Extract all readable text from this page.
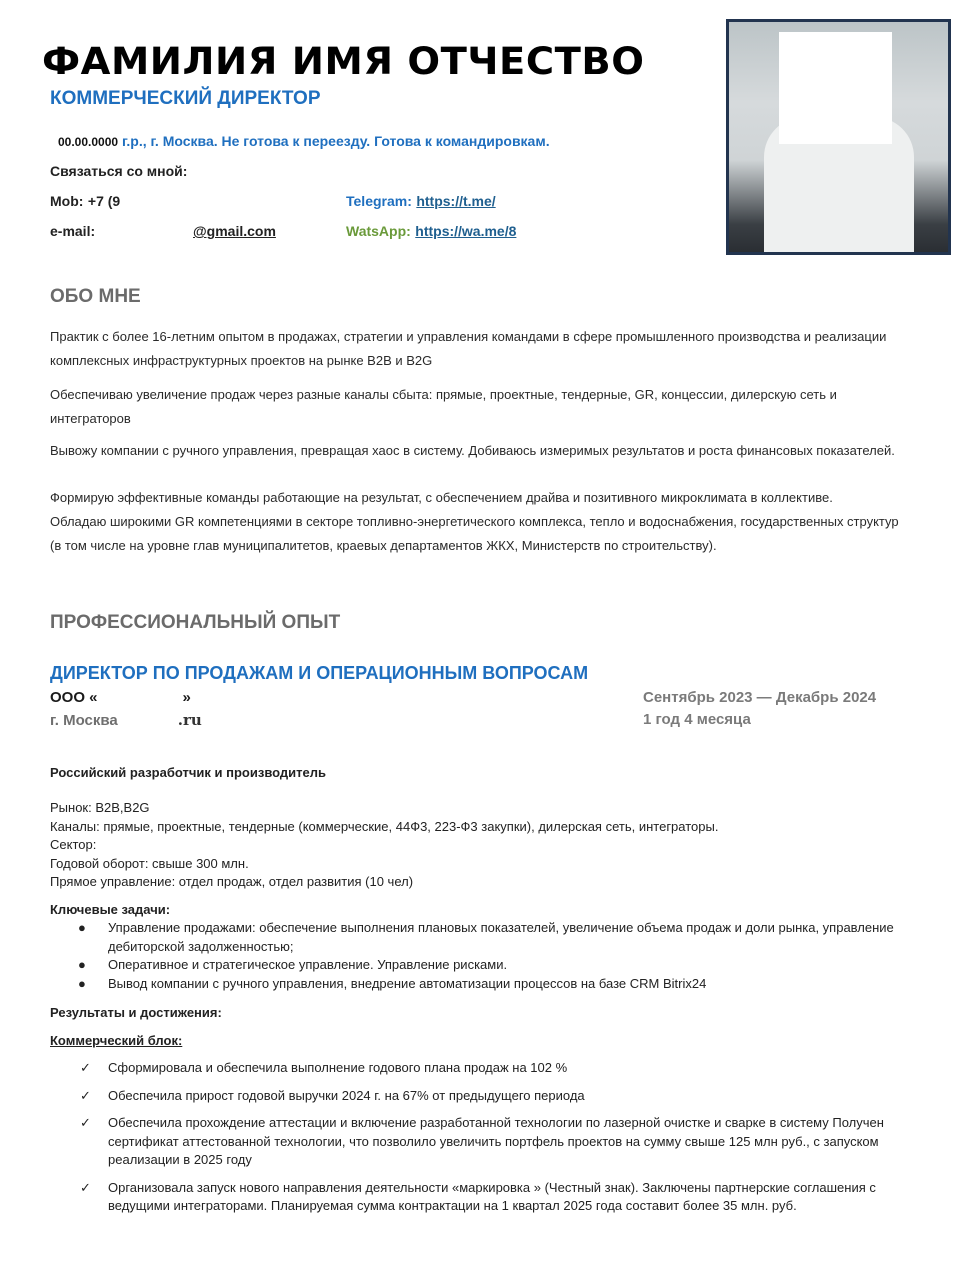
ФАМИЛИЯ ИМЯ ОТЧЕСТВО
КОММЕРЧЕСКИЙ ДИРЕКТОР
00.00.0000 г.р., г. Москва. Не готова к переезду. Готова к командировкам.
Связаться со мной:
Mob: +7 (9
e-mail:	@gmail.com
Telegram: https://t.me/
WatsApp: https://wa.me/8
ОБО МНЕ
Практик с более 16-летним опытом в продажах, стратегии и управления командами в сфере промышленного производства и реализации комплексных инфраструктурных проектов на рынке В2В и В2G
Обеспечиваю увеличение продаж через разные каналы сбыта: прямые, проектные, тендерные, GR, концессии, дилерскую сеть и интеграторов
Вывожу компании с ручного управления, превращая хаос в систему. Добиваюсь измеримых результатов и роста финансовых показателей.
Формирую эффективные команды работающие на результат, с обеспечением драйва и позитивного микроклимата в коллективе.
Обладаю широкими GR компетенциями в секторе топливно-энергетического комплекса, тепло и водоснабжения, государственных структур (в том числе на уровне глав муниципалитетов, краевых департаментов ЖКХ, Министерств по строительству).
ПРОФЕССИОНАЛЬНЫЙ ОПЫТ
ДИРЕКТОР ПО ПРОДАЖАМ И ОПЕРАЦИОННЫМ ВОПРОСАМ
ООО «	»
г. Москва	.ru
Сентябрь 2023 — Декабрь 2024
1 год 4 месяца
Российский разработчик и производитель
Рынок: В2В,В2G
Каналы: прямые, проектные, тендерные (коммерческие, 44Ф3, 223-Ф3 закупки), дилерская сеть, интеграторы.
Сектор:
Годовой оборот: свыше 300 млн.
Прямое управление: отдел продаж, отдел развития (10 чел)
Ключевые задачи:
● Управление продажами: обеспечение выполнения плановых показателей, увеличение объема продаж и доли рынка, управление дебиторской задолженностью;
● Оперативное и стратегическое управление. Управление рисками.
● Вывод компании с ручного управления, внедрение автоматизации процессов на базе CRM Bitrix24
Результаты и достижения:
Коммерческий блок:
✓ Сформировала и обеспечила выполнение годового плана продаж на 102 %
✓ Обеспечила прирост годовой выручки 2024 г. на 67% от предыдущего периода
✓ Обеспечила прохождение аттестации и включение разработанной технологии по лазерной очистке и сварке в систему Получен сертификат аттестованной технологии, что позволило увеличить портфель проектов на сумму свыше 125 млн руб., с запуском реализации в 2025 году
✓ Организовала запуск нового направления деятельности «маркировка » (Честный знак). Заключены партнерские соглашения с ведущими интеграторами. Планируемая сумма контрактации на 1 квартал 2025 года составит более 35 млн. руб.
